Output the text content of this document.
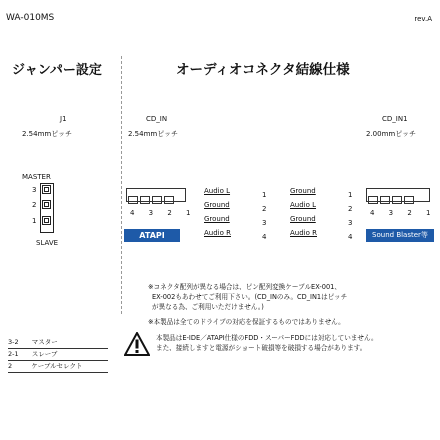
WA-010MS	rev.A
ジャンパー設定	オーディオコネクタ結線仕様
J1
2.54mmピッチ
MASTER
SLAVE
3
2
1
CD_IN
2.54mmピッチ
4 3 2 1
ATAPI
Audio L
Ground
Ground
Audio R
1
2
3
4
Ground
Audio L
Ground
Audio R
1
2
3
4
CD_IN1
2.00mmピッチ
4 3 2 1
Sound Blaster等
※コネクタ配列が異なる場合は、ピン配列変換ケーブルEX-001、
EX-002もあわせてご利用下さい。(CD_INのみ。CD_IN1はピッチ
が異なる為、ご利用いただけません。)
※本製品は全てのドライブの対応を保証するものではありません。
本製品はE-IDE／ATAPI仕様のFDD・スーパーFDDには対応していません。
また、接続しますと電源がショート破損等を破損する場合があります。
3-2 マスター
2-1 スレーブ
2	ケーブルセレクト
